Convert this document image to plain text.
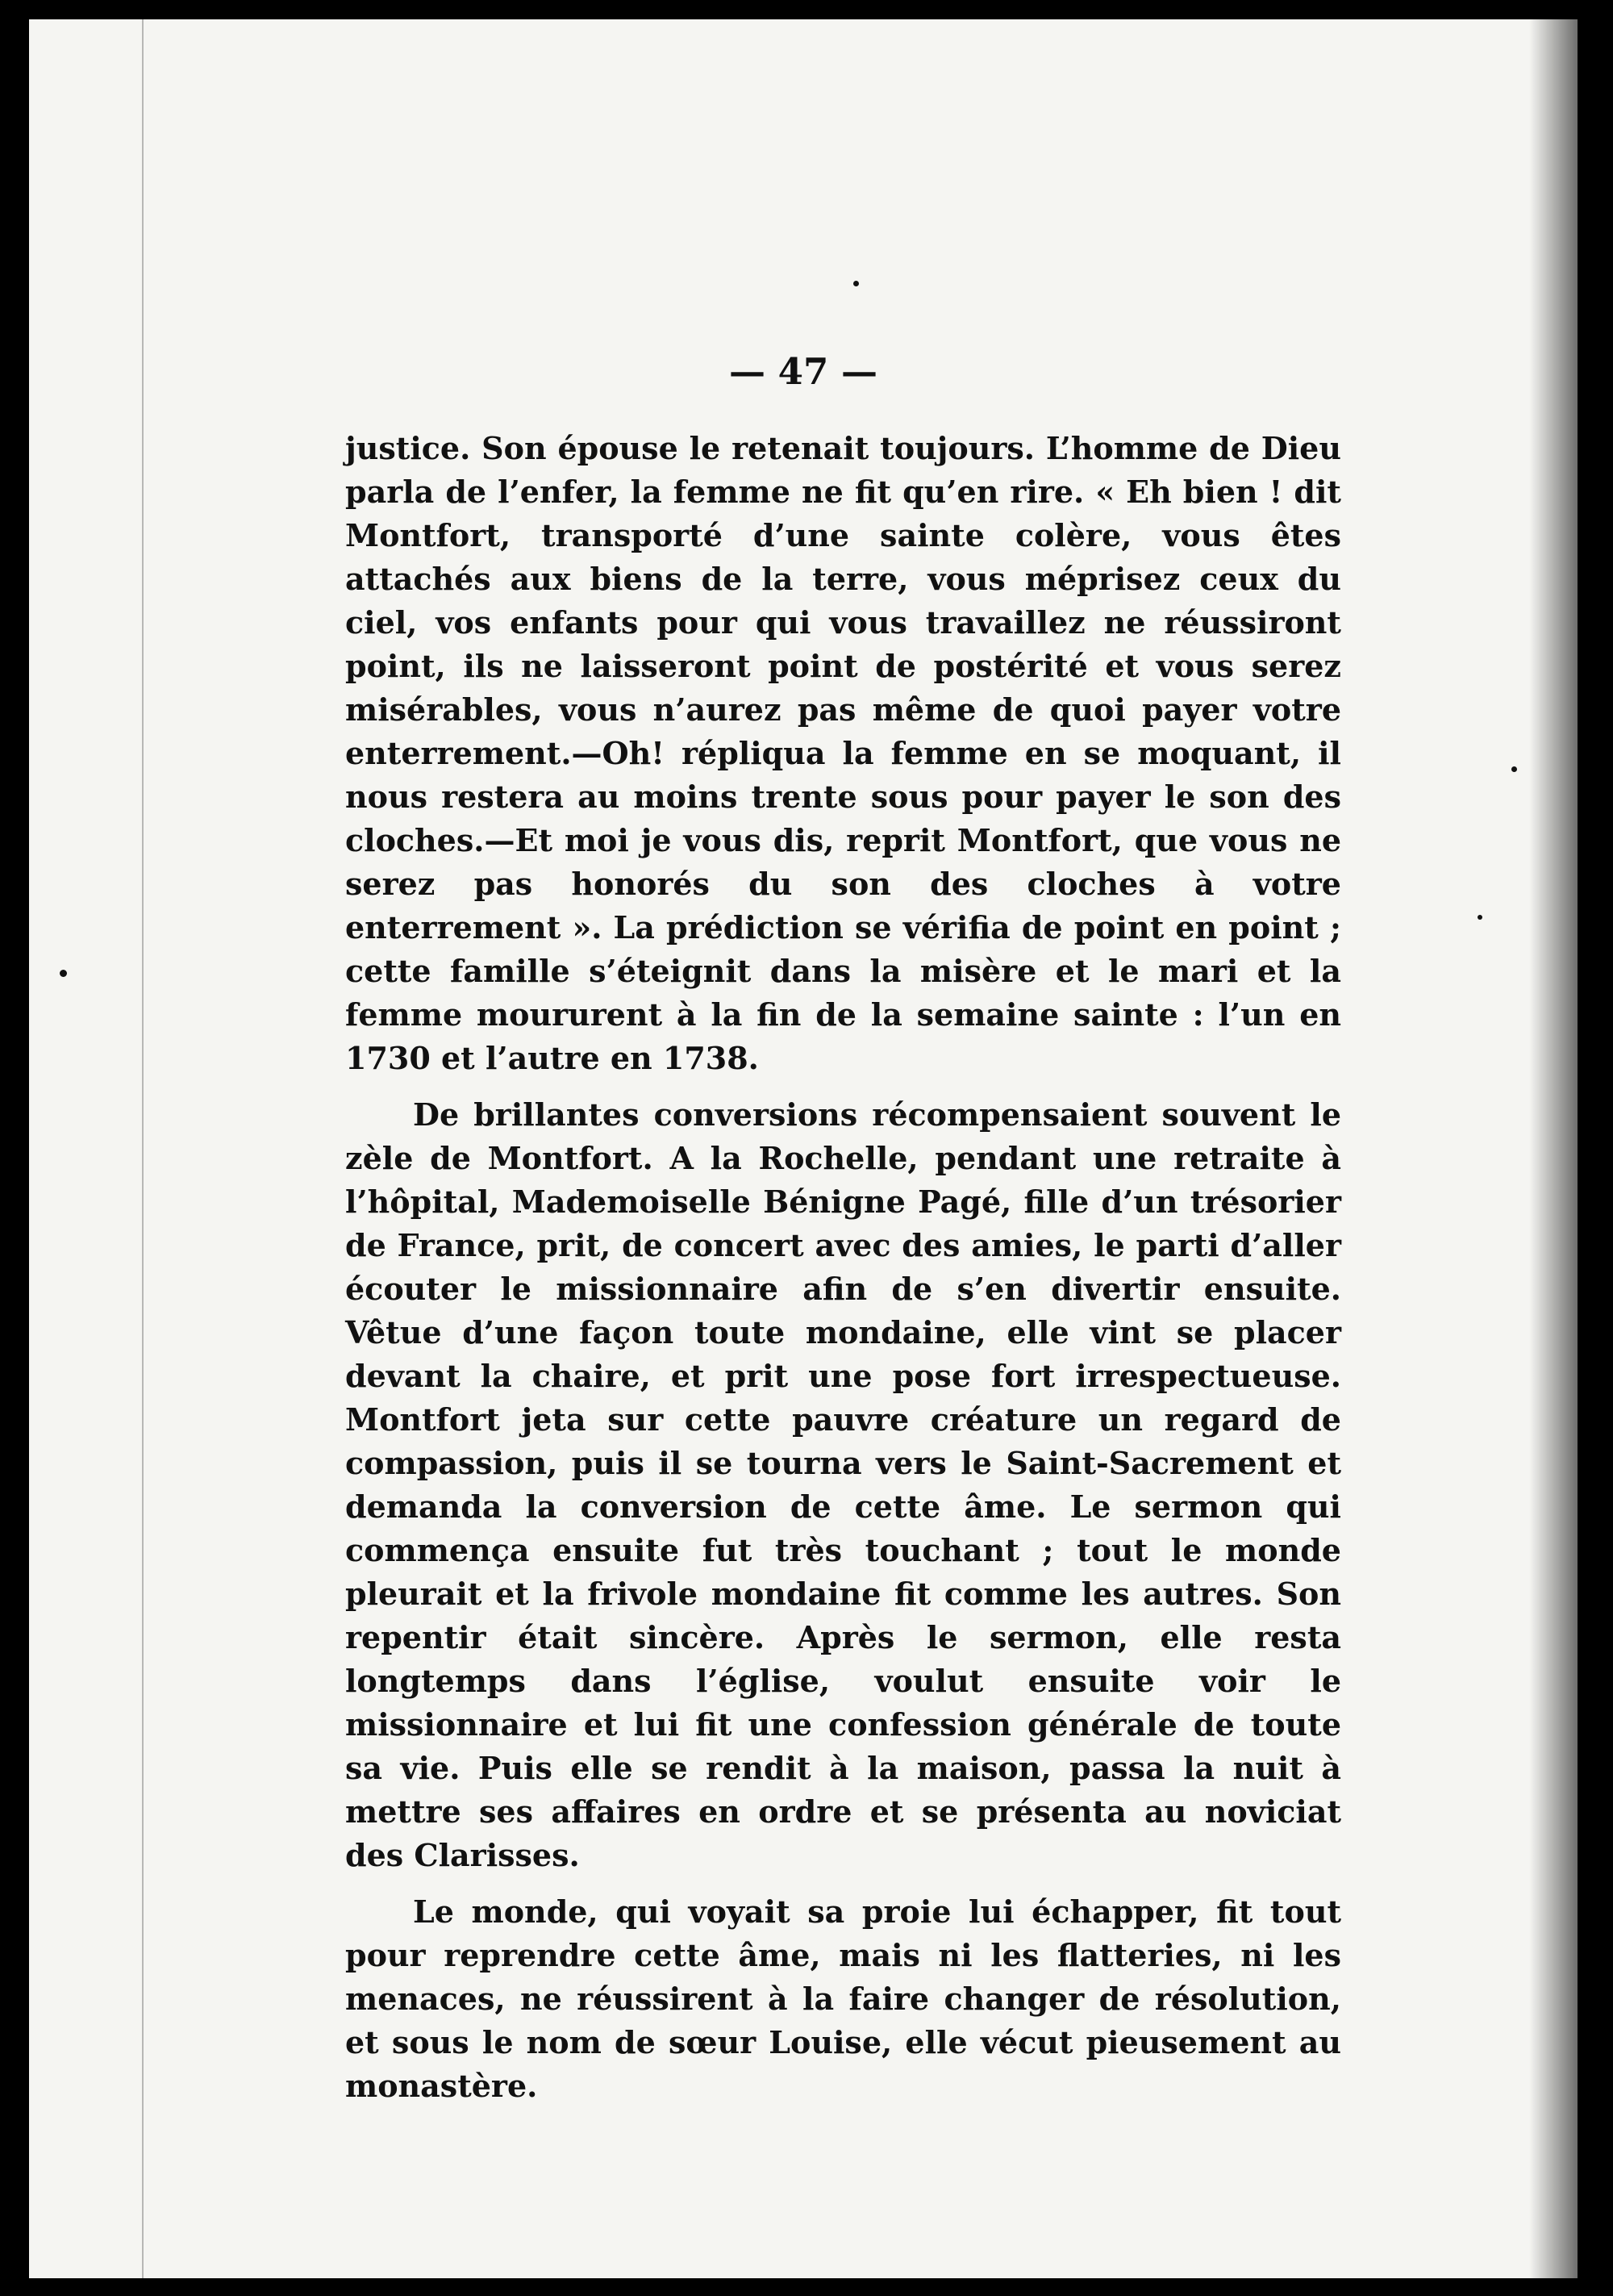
— 47 —

justice. Son épouse le retenait toujours. L’homme de Dieu parla de l’enfer, la femme ne fit qu’en rire. « Eh bien ! dit Montfort, transporté d’une sainte colère, vous êtes attachés aux biens de la terre, vous méprisez ceux du ciel, vos enfants pour qui vous travaillez ne réussiront point, ils ne laisseront point de postérité et vous serez misérables, vous n’aurez pas même de quoi payer votre enterrement.—Oh! répliqua la femme en se moquant, il nous restera au moins trente sous pour payer le son des cloches.—Et moi je vous dis, reprit Montfort, que vous ne serez pas honorés du son des cloches à votre enterrement ». La prédiction se vérifia de point en point ; cette famille s’éteignit dans la misère et le mari et la femme moururent à la fin de la semaine sainte : l’un en 1730 et l’autre en 1738.

De brillantes conversions récompensaient souvent le zèle de Montfort. A la Rochelle, pendant une retraite à l’hôpital, Mademoiselle Bénigne Pagé, fille d’un trésorier de France, prit, de concert avec des amies, le parti d’aller écouter le missionnaire afin de s’en divertir ensuite. Vêtue d’une façon toute mondaine, elle vint se placer devant la chaire, et prit une pose fort irrespectueuse. Montfort jeta sur cette pauvre créature un regard de compassion, puis il se tourna vers le Saint-Sacrement et demanda la conversion de cette âme. Le sermon qui commença ensuite fut très touchant ; tout le monde pleurait et la frivole mondaine fit comme les autres. Son repentir était sincère. Après le sermon, elle resta longtemps dans l’église, voulut ensuite voir le missionnaire et lui fit une confession générale de toute sa vie. Puis elle se rendit à la maison, passa la nuit à mettre ses affaires en ordre et se présenta au noviciat des Clarisses.

Le monde, qui voyait sa proie lui échapper, fit tout pour reprendre cette âme, mais ni les flatteries, ni les menaces, ne réussirent à la faire changer de résolution, et sous le nom de sœur Louise, elle vécut pieusement au monastère.
